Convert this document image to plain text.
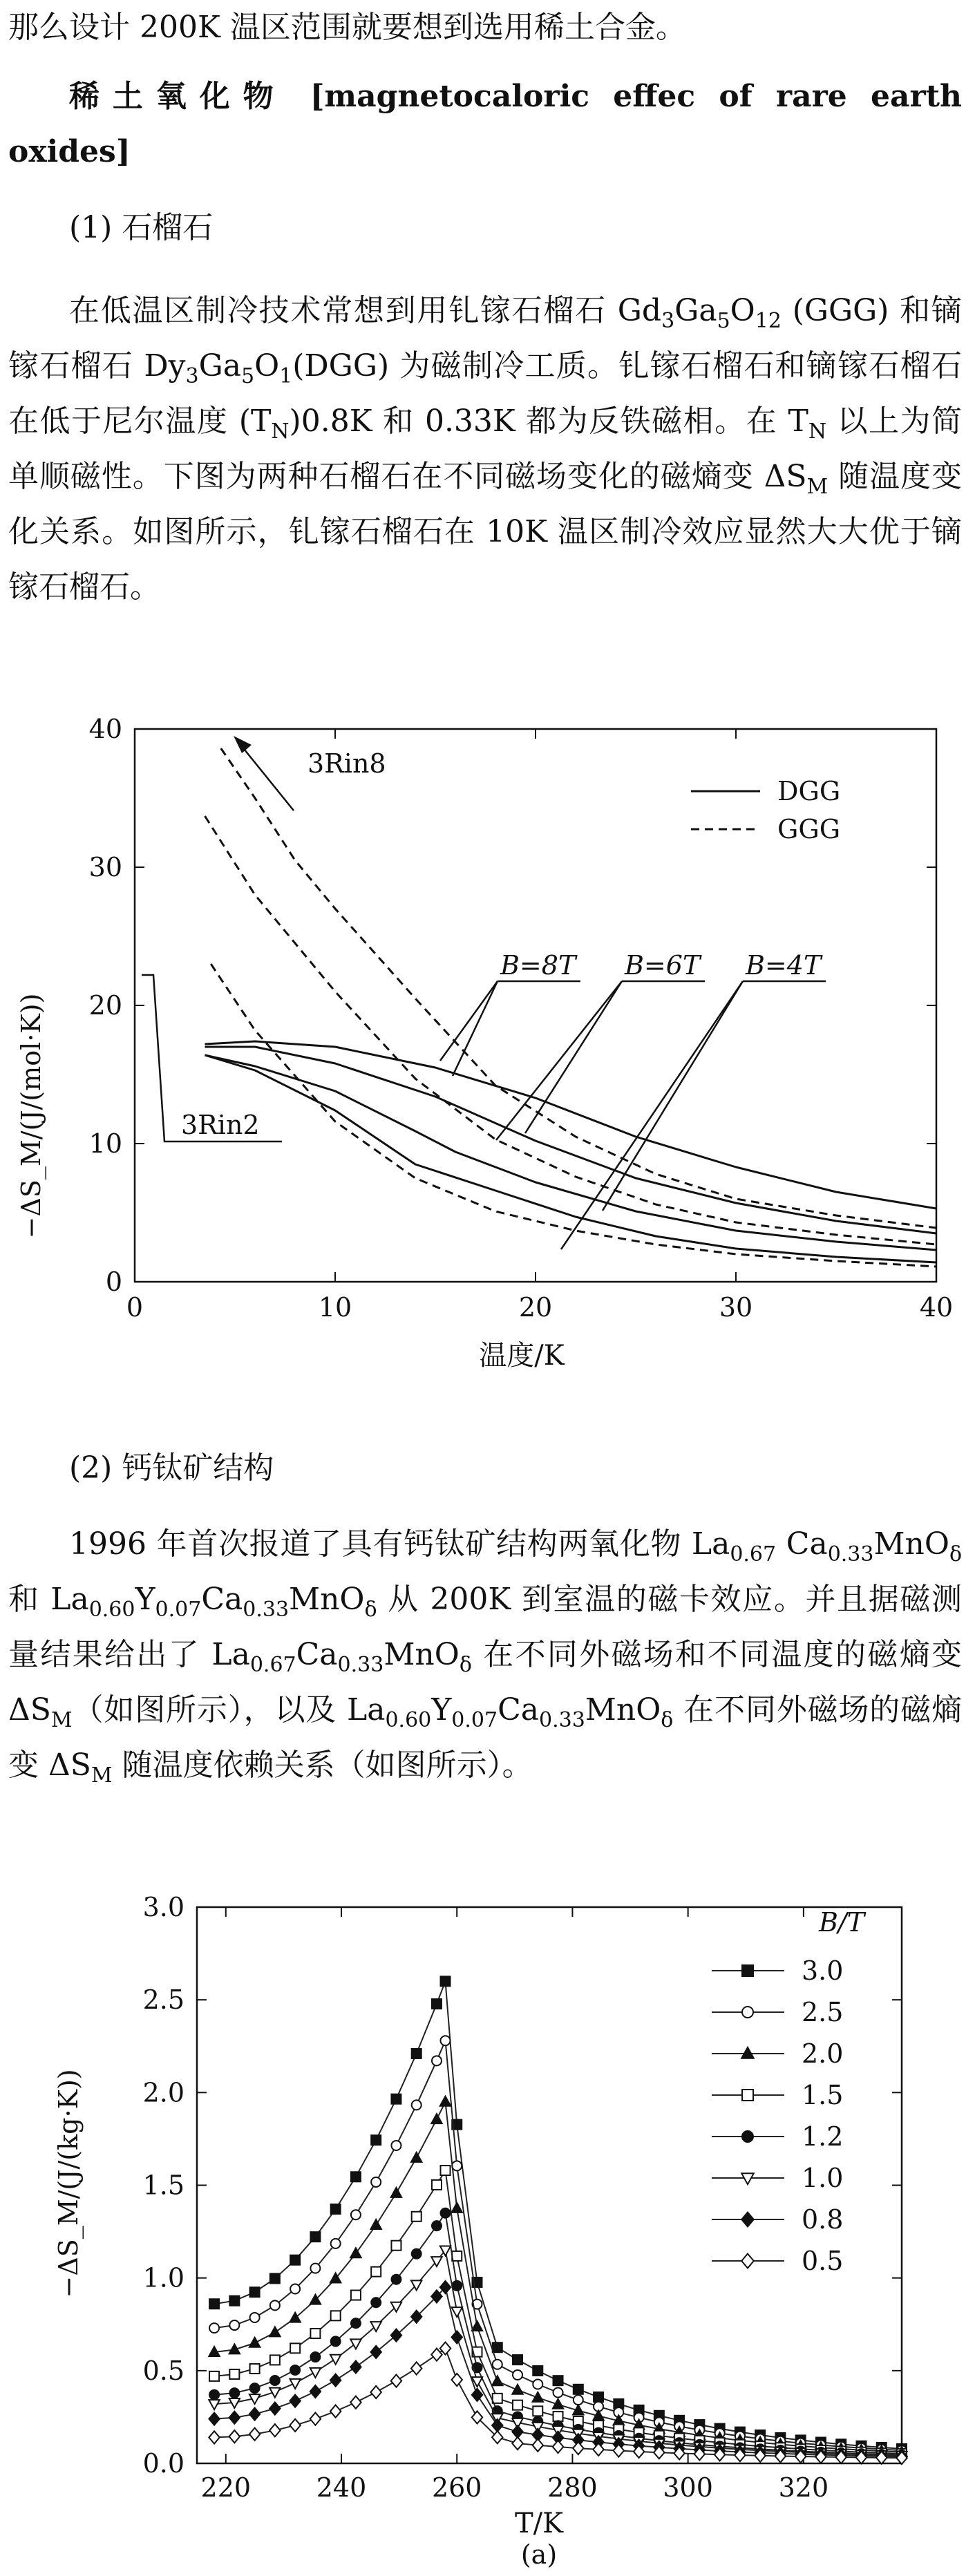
那么设计 200K 温区范围就要想到选用稀土合金。
稀土氧化物 [magnetocaloric effec of rare earth oxides]
(1) 石榴石
在低温区制冷技术常想到用钆镓石榴石 $Gd_3Ga_5O_{12}$ (GGG) 和镝镓石榴石 $Dy_3Ga_5O_1(DGG)$ 为磁制冷工质。钆镓石榴石和镝镓石榴石在低于尼尔温度 $(T_N)0.8K$ 和 0.33K 都为反铁磁相。在 $T_N$ 以上为简单顺磁性。下图为两种石榴石在不同磁场变化的磁熵变 $\Delta S_M$ 随温度变化关系。如图所示，钆镓石榴石在 10K 温区制冷效应显然大大优于镝镓石榴石。
0	10	20	30	40
0
10
20
30
40
DGG
GGG
3Rin8
3Rin2
B=8T B=6T B=4T
−ΔS_M/(J/(mol·K))
温度/K
(2) 钙钛矿结构
1996 年首次报道了具有钙钛矿结构两氧化物 $La_{0.67}$ $Ca_{0.33}MnO_\delta$ 和 $La_{0.60}Y_{0.07}Ca_{0.33}MnO_\delta$ 从 200K 到室温的磁卡效应。并且据磁测量结果给出了 $La_{0.67}Ca_{0.33}MnO_\delta$ 在不同外磁场和不同温度的磁熵变 $\Delta S_M$（如图所示），以及 $La_{0.60}Y_{0.07}Ca_{0.33}MnO_\delta$ 在不同外磁场的磁熵变 $\Delta S_M$ 随温度依赖关系（如图所示）。
220 240 260 280 300 320
0.0
0.5
1.0
1.5
2.0
2.5
3.0	B/T
3.0
2.5
2.0
1.5
1.2
1.0
0.8
0.5
−ΔS_M/(J/(kg·K))
T/K
(a)
